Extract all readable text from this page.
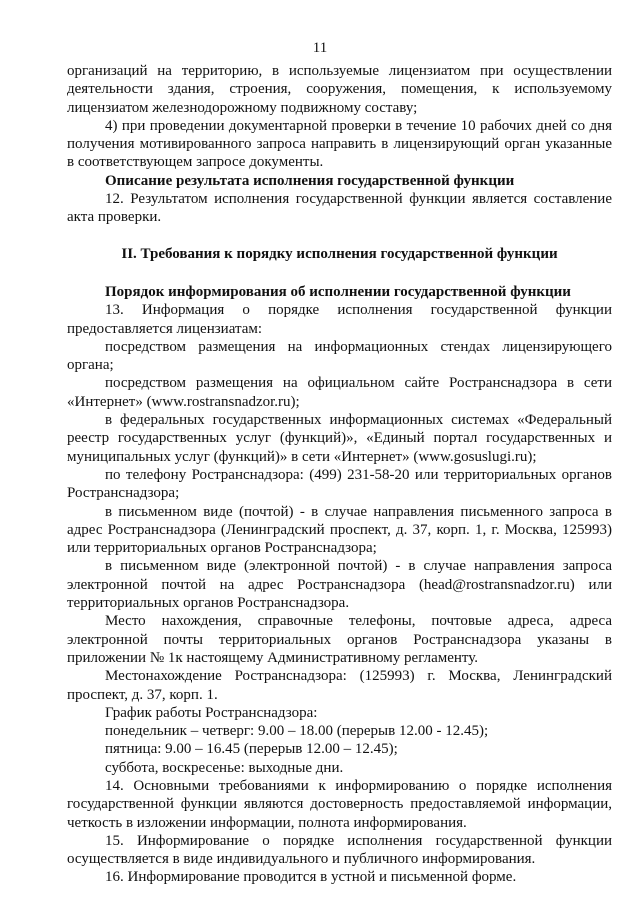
11

организаций на территорию, в используемые лицензиатом при осуществлении деятельности здания, строения, сооружения, помещения, к используемому лицензиатом железнодорожному подвижному составу;

4) при проведении документарной проверки в течение 10 рабочих дней со дня получения мотивированного запроса направить в лицензирующий орган указанные в соответствующем запросе документы.

Описание результата исполнения государственной функции

12. Результатом исполнения государственной функции является составление акта проверки.

II. Требования к порядку исполнения государственной функции

Порядок информирования об исполнении государственной функции

13. Информация о порядке исполнения государственной функции предоставляется лицензиатам:

посредством размещения на информационных стендах лицензирующего органа;

посредством размещения на официальном сайте Ространснадзора в сети «Интернет» (www.rostransnadzor.ru);

в федеральных государственных информационных системах «Федеральный реестр государственных услуг (функций)», «Единый портал государственных и муниципальных услуг (функций)» в сети «Интернет» (www.gosuslugi.ru);

по телефону Ространснадзора: (499) 231-58-20 или территориальных органов Ространснадзора;

в письменном виде (почтой) - в случае направления письменного запроса в адрес Ространснадзора (Ленинградский проспект, д. 37, корп. 1, г. Москва, 125993) или территориальных органов Ространснадзора;

в письменном виде (электронной почтой) - в случае направления запроса электронной почтой на адрес Ространснадзора (head@rostransnadzor.ru) или территориальных органов Ространснадзора.

Место нахождения, справочные телефоны, почтовые адреса, адреса электронной почты территориальных органов Ространснадзора указаны в приложении № 1к настоящему Административному регламенту.

Местонахождение Ространснадзора: (125993) г. Москва, Ленинградский проспект, д. 37, корп. 1.

График работы Ространснадзора:

понедельник – четверг: 9.00 – 18.00 (перерыв 12.00 - 12.45);

пятница: 9.00 – 16.45 (перерыв 12.00 – 12.45);

суббота, воскресенье: выходные дни.

14. Основными требованиями к информированию о порядке исполнения государственной функции являются достоверность предоставляемой информации, четкость в изложении информации, полнота информирования.

15. Информирование о порядке исполнения государственной функции осуществляется в виде индивидуального и публичного информирования.

16. Информирование проводится в устной и письменной форме.
